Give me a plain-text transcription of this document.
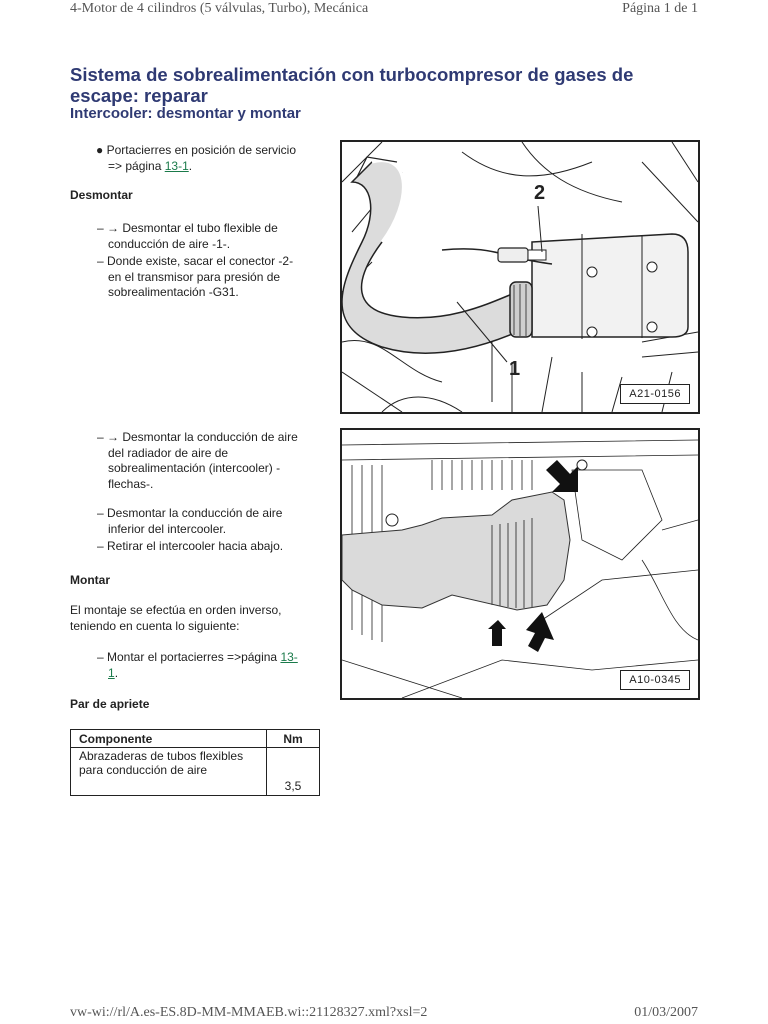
4-Motor de 4 cilindros (5 válvulas, Turbo), Mecánica	Página 1 de 1
Sistema de sobrealimentación con turbocompresor de gases de escape: reparar
Intercooler: desmontar y montar
● Portacierres en posición de servicio
=> página 13-1.
Desmontar
– → Desmontar el tubo flexible de
conducción de aire -1-.
– Donde existe, sacar el conector -2-
en el transmisor para presión de
sobrealimentación -G31.
– → Desmontar la conducción de aire
del radiador de aire de
sobrealimentación (intercooler) -
flechas-.
– Desmontar la conducción de aire
inferior del intercooler.
– Retirar el intercooler hacia abajo.
Montar
El montaje se efectúa en orden inverso,
teniendo en cuenta lo siguiente:
– Montar el portacierres =>página 13-
1.
Par de apriete
Componente	Nm

Abrazaderas de tubos flexibles
para conducción de aire	3,5
2
1
A21-0156
A10-0345
vw-wi://rl/A.es-ES.8D-MM-MMAEB.wi::21128327.xml?xsl=2	01/03/2007
